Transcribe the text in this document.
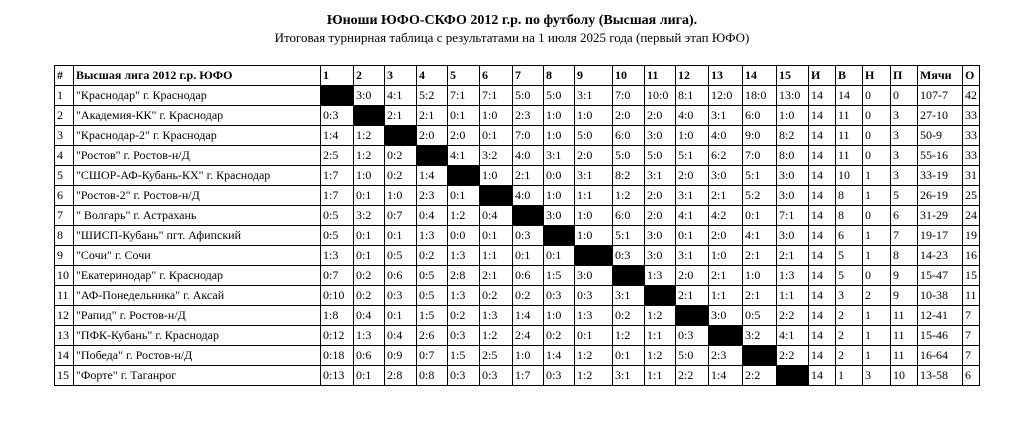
Юноши ЮФО-СКФО 2012 г.р. по футболу (Высшая лига).
Итоговая турнирная таблица с результатами на 1 июля 2025 года (первый этап ЮФО)
#	Высшая лига 2012 г.р. ЮФО	1	2	3	4	5	6	7	8	9	10	11	12	13	14	15	И	В	Н	П	Мячи	О
1	"Краснодар" г. Краснодар		3:0	4:1	5:2	7:1	7:1	5:0	5:0	3:1	7:0	10:0	8:1	12:0	18:0	13:0	14	14	0	0	107-7	42
2	"Академия-КК" г. Краснодар	0:3		2:1	2:1	0:1	1:0	2:3	1:0	1:0	2:0	2:0	4:0	3:1	6:0	1:0	14	11	0	3	27-10	33
3	"Краснодар-2" г. Краснодар	1:4	1:2		2:0	2:0	0:1	7:0	1:0	5:0	6:0	3:0	1:0	4:0	9:0	8:2	14	11	0	3	50-9	33
4	"Ростов" г. Ростов-н/Д	2:5	1:2	0:2		4:1	3:2	4:0	3:1	2:0	5:0	5:0	5:1	6:2	7:0	8:0	14	11	0	3	55-16	33
5	"СШОР-АФ-Кубань-КХ" г. Краснодар	1:7	1:0	0:2	1:4		1:0	2:1	0:0	3:1	8:2	3:1	2:0	3:0	5:1	3:0	14	10	1	3	33-19	31
6	"Ростов-2" г. Ростов-н/Д	1:7	0:1	1:0	2:3	0:1		4:0	1:0	1:1	1:2	2:0	3:1	2:1	5:2	3:0	14	8	1	5	26-19	25
7	" Волгарь" г. Астрахань	0:5	3:2	0:7	0:4	1:2	0:4		3:0	1:0	6:0	2:0	4:1	4:2	0:1	7:1	14	8	0	6	31-29	24
8	"ШИСП-Кубань" пгт. Афипский	0:5	0:1	0:1	1:3	0:0	0:1	0:3		1:0	5:1	3:0	0:1	2:0	4:1	3:0	14	6	1	7	19-17	19
9	"Сочи" г. Сочи	1:3	0:1	0:5	0:2	1:3	1:1	0:1	0:1		0:3	3:0	3:1	1:0	2:1	2:1	14	5	1	8	14-23	16
10	"Екатеринодар" г. Краснодар	0:7	0:2	0:6	0:5	2:8	2:1	0:6	1:5	3:0		1:3	2:0	2:1	1:0	1:3	14	5	0	9	15-47	15
11	"АФ-Понедельника" г. Аксай	0:10	0:2	0:3	0:5	1:3	0:2	0:2	0:3	0:3	3:1		2:1	1:1	2:1	1:1	14	3	2	9	10-38	11
12	"Рапид" г. Ростов-н/Д	1:8	0:4	0:1	1:5	0:2	1:3	1:4	1:0	1:3	0:2	1:2		3:0	0:5	2:2	14	2	1	11	12-41	7
13	"ПФК-Кубань" г. Краснодар	0:12	1:3	0:4	2:6	0:3	1:2	2:4	0:2	0:1	1:2	1:1	0:3		3:2	4:1	14	2	1	11	15-46	7
14	"Победа" г. Ростов-н/Д	0:18	0:6	0:9	0:7	1:5	2:5	1:0	1:4	1:2	0:1	1:2	5:0	2:3		2:2	14	2	1	11	16-64	7
15	"Форте" г. Таганрог	0:13	0:1	2:8	0:8	0:3	0:3	1:7	0:3	1:2	3:1	1:1	2:2	1:4	2:2		14	1	3	10	13-58	6
